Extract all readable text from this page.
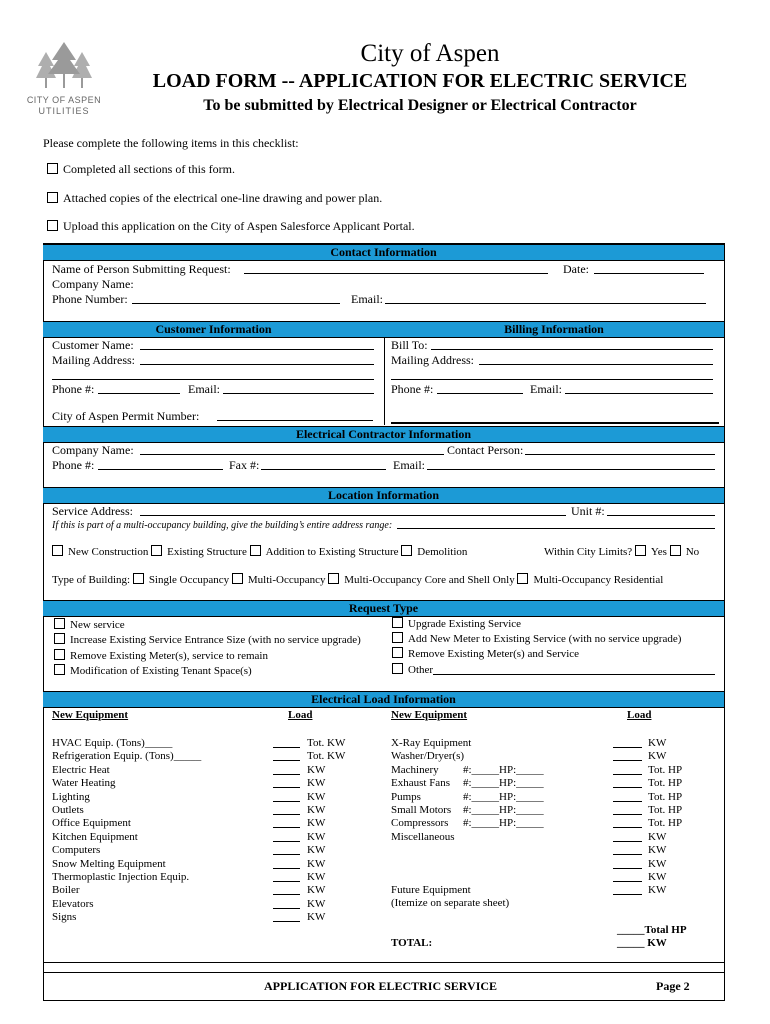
CITY OF ASPEN
UTILITIES
City of Aspen
LOAD FORM -- APPLICATION FOR ELECTRIC SERVICE
To be submitted by Electrical Designer or Electrical Contractor
Please complete the following items in this checklist:
Completed all sections of this form.
Attached copies of the electrical one-line drawing and power plan.
Upload this application on the City of Aspen Salesforce Applicant Portal.
Contact Information
Name of Person Submitting Request:	Date:
Company Name:
Phone Number:	Email:
Customer Information	Billing Information
Customer Name:
Mailing Address:
Phone #:	Email:
City of Aspen Permit Number:
Bill To:
Mailing Address:
Phone #:	Email:
Electrical Contractor Information
Company Name:	Contact Person:
Phone #:	Fax #:	Email:
Location Information
Service Address:	Unit #:
If this is part of a multi-occupancy building, give the building’s entire address range:
New Construction Existing Structure Addition to Existing Structure Demolition	Within City Limits? Yes No
Type of Building: Single Occupancy Multi-Occupancy Multi-Occupancy Core and Shell Only Multi-Occupancy Residential
Request Type
New service
Increase Existing Service Entrance Size (with no service upgrade)
Remove Existing Meter(s), service to remain
Modification of Existing Tenant Space(s)
Upgrade Existing Service
Add New Meter to Existing Service (with no service upgrade)
Remove Existing Meter(s) and Service
Other
Electrical Load Information
New Equipment	Load	New Equipment	Load
HVAC Equip. (Tons)_____	Tot. KW
Refrigeration Equip. (Tons)_____	Tot. KW
Electric Heat	KW
Water Heating	KW
Lighting	KW
Outlets	KW
Office Equipment	KW
Kitchen Equipment	KW
Computers	KW
Snow Melting Equipment	KW
Thermoplastic Injection Equip.	KW
Boiler	KW
Elevators	KW
Signs	KW
X-Ray Equipment	KW
Washer/Dryer(s)	KW
Machinery #:_____HP:_____	Tot. HP
Exhaust Fans #:_____HP:_____	Tot. HP
Pumps	#:_____HP:_____	Tot. HP
Small Motors #:_____HP:_____	Tot. HP
Compressors #:_____HP:_____	Tot. HP
Miscellaneous	KW
KW
KW
KW
Future Equipment	KW
(Itemize on separate sheet)
TOTAL:
_____Total HP
_____ KW
APPLICATION FOR ELECTRIC SERVICE	Page 2
